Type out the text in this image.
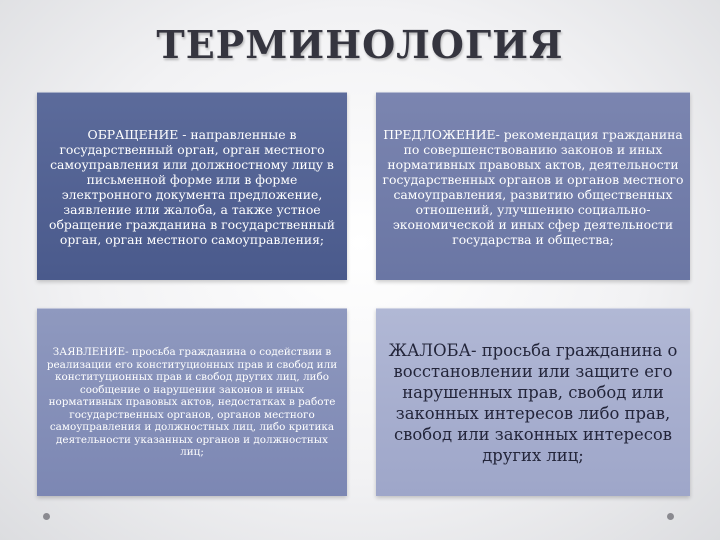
ТЕРМИНОЛОГИЯ
ОБРАЩЕНИЕ - направленные в государственный орган, орган местного самоуправления или должностному лицу в письменной форме или в форме электронного документа предложение, заявление или жалоба, а также устное обращение гражданина в государственный орган, орган местного самоуправления;
ПРЕДЛОЖЕНИЕ- рекомендация гражданина по совершенствованию законов и иных нормативных правовых актов, деятельности государственных органов и органов местного самоуправления, развитию общественных отношений, улучшению социально-экономической и иных сфер деятельности государства и общества;
ЗАЯВЛЕНИЕ- просьба гражданина о содействии в реализации его конституционных прав и свобод или конституционных прав и свобод других лиц, либо сообщение о нарушении законов и иных нормативных правовых актов, недостатках в работе государственных органов, органов местного самоуправления и должностных лиц, либо критика деятельности указанных органов и должностных лиц;
ЖАЛОБА- просьба гражданина о восстановлении или защите его нарушенных прав, свобод или законных интересов либо прав, свобод или законных интересов других лиц;
